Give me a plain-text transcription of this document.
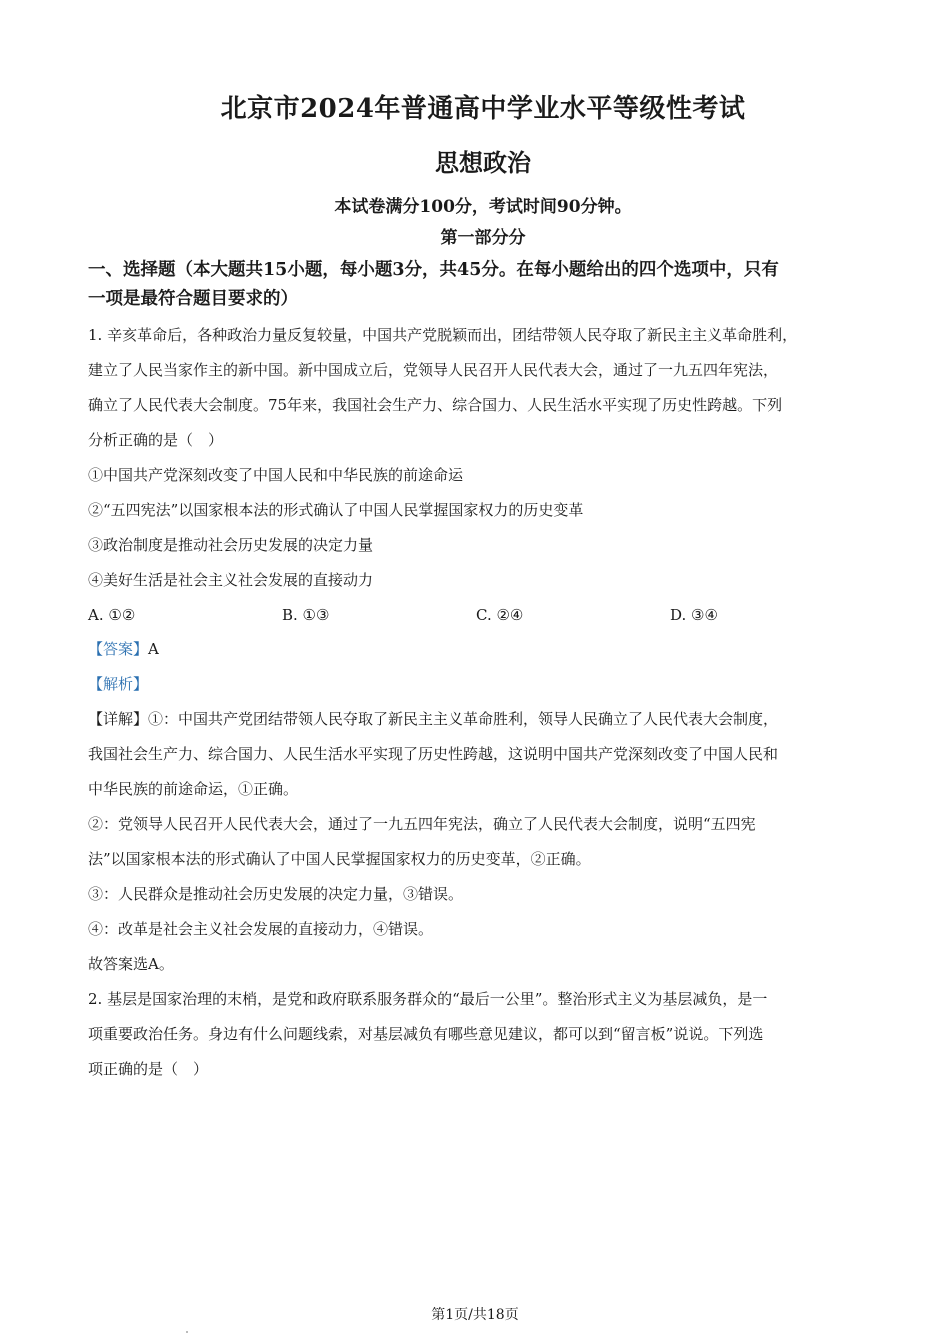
北京市2024年普通高中学业水平等级性考试
思想政治
本试卷满分100分，考试时间90分钟。
第一部分分
一、选择题（本大题共15小题，每小题3分，共45分。在每小题给出的四个选项中，只有
一项是最符合题目要求的）

1. 辛亥革命后，各种政治力量反复较量，中国共产党脱颖而出，团结带领人民夺取了新民主主义革命胜利，

建立了人民当家作主的新中国。新中国成立后，党领导人民召开人民代表大会，通过了一九五四年宪法，

确立了人民代表大会制度。75年来，我国社会生产力、综合国力、人民生活水平实现了历史性跨越。下列

分析正确的是（　）

①中国共产党深刻改变了中国人民和中华民族的前途命运

②“五四宪法”以国家根本法的形式确认了中国人民掌握国家权力的历史变革

③政治制度是推动社会历史发展的决定力量

④美好生活是社会主义社会发展的直接动力

A. ①②	B. ①③	C. ②④	D. ③④

【答案】A

【解析】

【详解】①：中国共产党团结带领人民夺取了新民主主义革命胜利，领导人民确立了人民代表大会制度，

我国社会生产力、综合国力、人民生活水平实现了历史性跨越，这说明中国共产党深刻改变了中国人民和

中华民族的前途命运，①正确。

②：党领导人民召开人民代表大会，通过了一九五四年宪法，确立了人民代表大会制度，说明“五四宪

法”以国家根本法的形式确认了中国人民掌握国家权力的历史变革，②正确。

③：人民群众是推动社会历史发展的决定力量，③错误。

④：改革是社会主义社会发展的直接动力，④错误。

故答案选A。

2. 基层是国家治理的末梢，是党和政府联系服务群众的“最后一公里”。整治形式主义为基层减负，是一

项重要政治任务。身边有什么问题线索，对基层减负有哪些意见建议，都可以到“留言板”说说。下列选

项正确的是（　）

第1页/共18页
